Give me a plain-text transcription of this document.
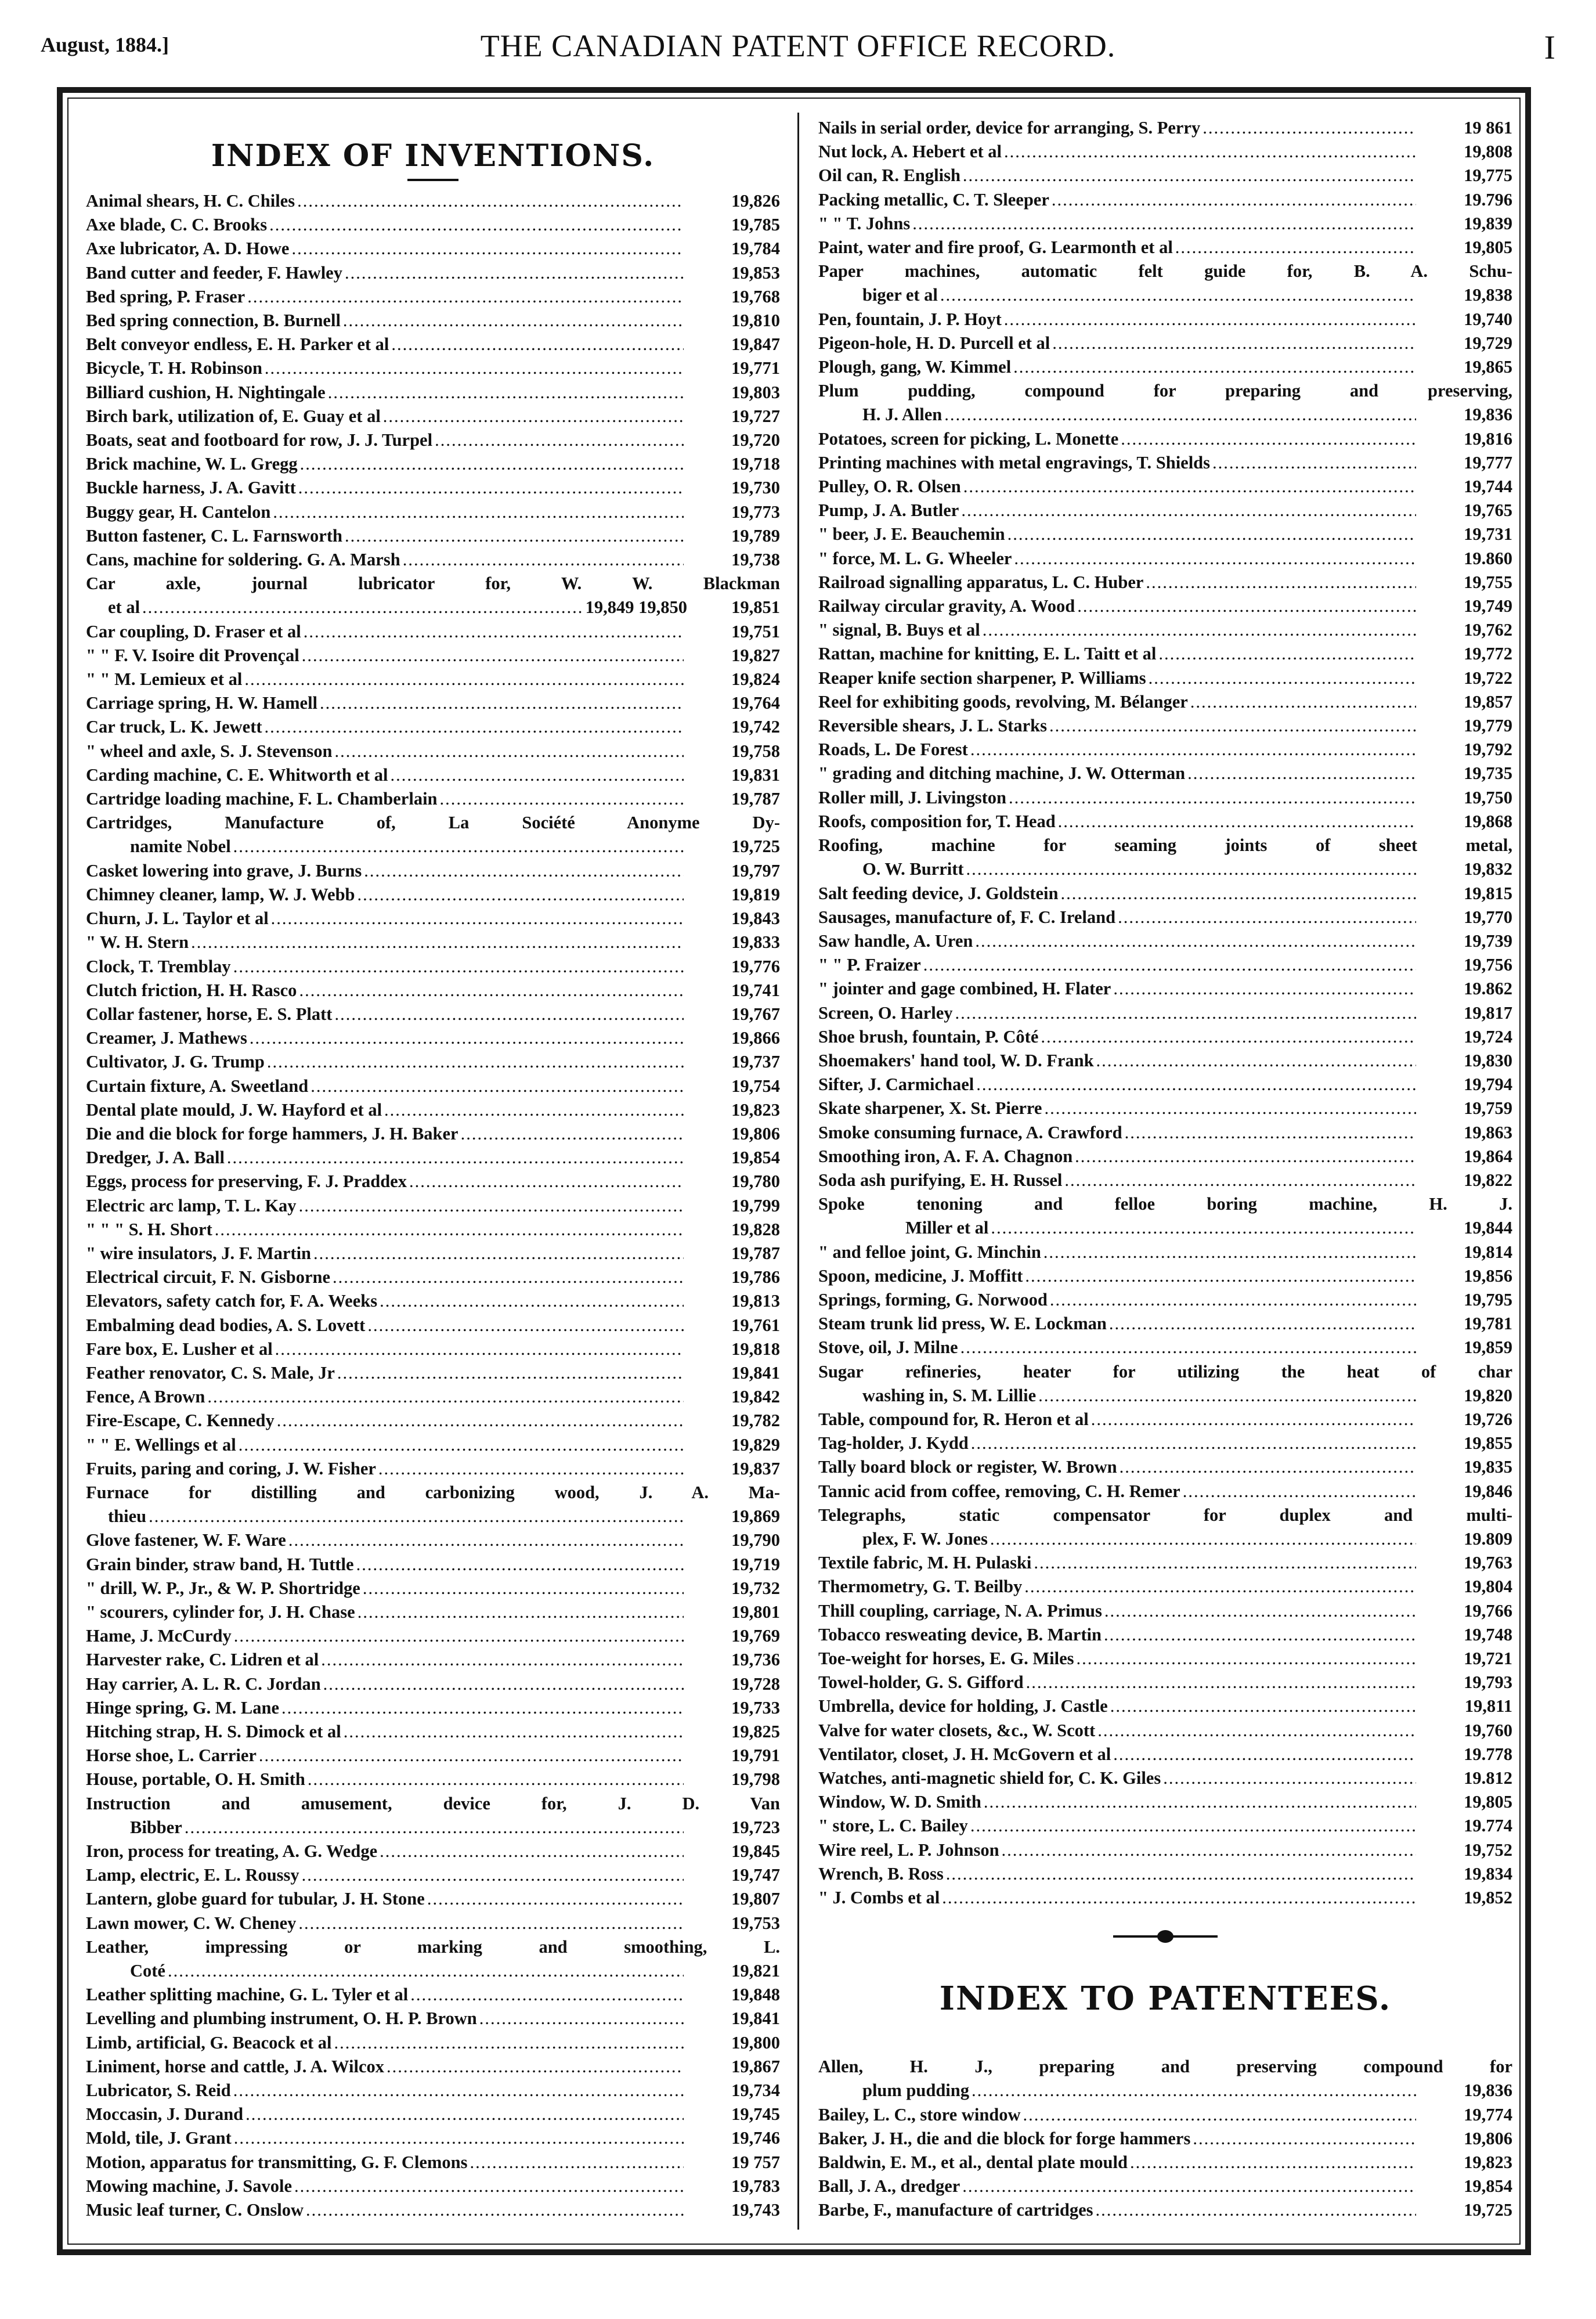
August, 1884.]	THE CANADIAN PATENT OFFICE RECORD.	I
INDEX OF INVENTIONS.
Animal shears, H. C. Chiles .....	19,826
Axe blade, C. C. Brooks .....	19,785
Axe lubricator, A. D. Howe .....	19,784
Band cutter and feeder, F. Hawley .....	19,853
Bed spring, P. Fraser .....	19,768
Bed spring connection, B. Burnell .....	19,810
Belt conveyor endless, E. H. Parker et al .....	19,847
Bicycle, T. H. Robinson .....	19,771
Billiard cushion, H. Nightingale .....	19,803
Birch bark, utilization of, E. Guay et al .....	19,727
Boats, seat and footboard for row, J. J. Turpel .....	19,720
Brick machine, W. L. Gregg .....	19,718
Buckle harness, J. A. Gavitt .....	19,730
Buggy gear, H. Cantelon .....	19,773
Button fastener, C. L. Farnsworth .....	19,789
Cans, machine for soldering. G. A. Marsh .....	19,738
Car axle, journal lubricator for, W. W. Blackman
et al .....	19,849 19,850	19,851
Car coupling, D. Fraser et al .....	19,751
" " F. V. Isoire dit Provençal .....	19,827
" " M. Lemieux et al .....	19,824
Carriage spring, H. W. Hamell .....	19,764
Car truck, L. K. Jewett .....	19,742
" wheel and axle, S. J. Stevenson .....	19,758
Carding machine, C. E. Whitworth et al .....	19,831
Cartridge loading machine, F. L. Chamberlain .....	19,787
Cartridges, Manufacture of, La Société Anonyme Dy-
namite Nobel .....	19,725
Casket lowering into grave, J. Burns .....	19,797
Chimney cleaner, lamp, W. J. Webb .....	19,819
Churn, J. L. Taylor et al .....	19,843
" W. H. Stern .....	19,833
Clock, T. Tremblay .....	19,776
Clutch friction, H. H. Rasco .....	19,741
Collar fastener, horse, E. S. Platt .....	19,767
Creamer, J. Mathews .....	19,866
Cultivator, J. G. Trump .....	19,737
Curtain fixture, A. Sweetland .....	19,754
Dental plate mould, J. W. Hayford et al .....	19,823
Die and die block for forge hammers, J. H. Baker .....	19,806
Dredger, J. A. Ball .....	19,854
Eggs, process for preserving, F. J. Praddex .....	19,780
Electric arc lamp, T. L. Kay .....	19,799
" " " S. H. Short .....	19,828
" wire insulators, J. F. Martin .....	19,787
Electrical circuit, F. N. Gisborne .....	19,786
Elevators, safety catch for, F. A. Weeks .....	19,813
Embalming dead bodies, A. S. Lovett .....	19,761
Fare box, E. Lusher et al .....	19,818
Feather renovator, C. S. Male, Jr .....	19,841
Fence, A Brown .....	19,842
Fire-Escape, C. Kennedy .....	19,782
" " E. Wellings et al .....	19,829
Fruits, paring and coring, J. W. Fisher .....	19,837
Furnace for distilling and carbonizing wood, J. A. Ma-
thieu .....	19,869
Glove fastener, W. F. Ware .....	19,790
Grain binder, straw band, H. Tuttle .....	19,719
" drill, W. P., Jr., & W. P. Shortridge .....	19,732
" scourers, cylinder for, J. H. Chase .....	19,801
Hame, J. McCurdy .....	19,769
Harvester rake, C. Lidren et al .....	19,736
Hay carrier, A. L. R. C. Jordan .....	19,728
Hinge spring, G. M. Lane .....	19,733
Hitching strap, H. S. Dimock et al .....	19,825
Horse shoe, L. Carrier .....	19,791
House, portable, O. H. Smith .....	19,798
Instruction and amusement, device for, J. D. Van
Bibber .....	19,723
Iron, process for treating, A. G. Wedge .....	19,845
Lamp, electric, E. L. Roussy .....	19,747
Lantern, globe guard for tubular, J. H. Stone .....	19,807
Lawn mower, C. W. Cheney .....	19,753
Leather, impressing or marking and smoothing, L.
Coté .....	19,821
Leather splitting machine, G. L. Tyler et al .....	19,848
Levelling and plumbing instrument, O. H. P. Brown .....	19,841
Limb, artificial, G. Beacock et al .....	19,800
Liniment, horse and cattle, J. A. Wilcox .....	19,867
Lubricator, S. Reid .....	19,734
Moccasin, J. Durand .....	19,745
Mold, tile, J. Grant .....	19,746
Motion, apparatus for transmitting, G. F. Clemons .....	19 757
Mowing machine, J. Savole .....	19,783
Music leaf turner, C. Onslow .....	19,743
Nails in serial order, device for arranging, S. Perry .....	19 861
Nut lock, A. Hebert et al .....	19,808
Oil can, R. English .....	19,775
Packing metallic, C. T. Sleeper .....	19.796
" " T. Johns .....	19,839
Paint, water and fire proof, G. Learmonth et al .....	19,805
Paper machines, automatic felt guide for, B. A. Schu-
biger et al .....	19,838
Pen, fountain, J. P. Hoyt .....	19,740
Pigeon-hole, H. D. Purcell et al .....	19,729
Plough, gang, W. Kimmel .....	19,865
Plum pudding, compound for preparing and preserving,
H. J. Allen .....	19,836
Potatoes, screen for picking, L. Monette .....	19,816
Printing machines with metal engravings, T. Shields .....	19,777
Pulley, O. R. Olsen .....	19,744
Pump, J. A. Butler .....	19,765
" beer, J. E. Beauchemin .....	19,731
" force, M. L. G. Wheeler .....	19.860
Railroad signalling apparatus, L. C. Huber .....	19,755
Railway circular gravity, A. Wood .....	19,749
" signal, B. Buys et al .....	19,762
Rattan, machine for knitting, E. L. Taitt et al .....	19,772
Reaper knife section sharpener, P. Williams .....	19,722
Reel for exhibiting goods, revolving, M. Bélanger .....	19,857
Reversible shears, J. L. Starks .....	19,779
Roads, L. De Forest .....	19,792
" grading and ditching machine, J. W. Otterman .....	19,735
Roller mill, J. Livingston .....	19,750
Roofs, composition for, T. Head .....	19,868
Roofing, machine for seaming joints of sheet metal,
O. W. Burritt .....	19,832
Salt feeding device, J. Goldstein .....	19,815
Sausages, manufacture of, F. C. Ireland .....	19,770
Saw handle, A. Uren .....	19,739
" " P. Fraizer .....	19,756
" jointer and gage combined, H. Flater .....	19.862
Screen, O. Harley .....	19,817
Shoe brush, fountain, P. Côté .....	19,724
Shoemakers' hand tool, W. D. Frank .....	19,830
Sifter, J. Carmichael .....	19,794
Skate sharpener, X. St. Pierre .....	19,759
Smoke consuming furnace, A. Crawford .....	19,863
Smoothing iron, A. F. A. Chagnon .....	19,864
Soda ash purifying, E. H. Russel .....	19,822
Spoke tenoning and felloe boring machine, H. J.
Miller et al .....	19,844
" and felloe joint, G. Minchin .....	19,814
Spoon, medicine, J. Moffitt .....	19,856
Springs, forming, G. Norwood .....	19,795
Steam trunk lid press, W. E. Lockman .....	19,781
Stove, oil, J. Milne .....	19,859
Sugar refineries, heater for utilizing the heat of char
washing in, S. M. Lillie .....	19,820
Table, compound for, R. Heron et al .....	19,726
Tag-holder, J. Kydd .....	19,855
Tally board block or register, W. Brown .....	19,835
Tannic acid from coffee, removing, C. H. Remer .....	19,846
Telegraphs, static compensator for duplex and multi-
plex, F. W. Jones .....	19.809
Textile fabric, M. H. Pulaski .....	19,763
Thermometry, G. T. Beilby .....	19,804
Thill coupling, carriage, N. A. Primus .....	19,766
Tobacco resweating device, B. Martin .....	19,748
Toe-weight for horses, E. G. Miles .....	19,721
Towel-holder, G. S. Gifford .....	19,793
Umbrella, device for holding, J. Castle .....	19,811
Valve for water closets, &c., W. Scott .....	19,760
Ventilator, closet, J. H. McGovern et al .....	19.778
Watches, anti-magnetic shield for, C. K. Giles .....	19.812
Window, W. D. Smith .....	19,805
" store, L. C. Bailey .....	19.774
Wire reel, L. P. Johnson .....	19,752
Wrench, B. Ross .....	19,834
" J. Combs et al .....	19,852
INDEX TO PATENTEES.
Allen, H. J., preparing and preserving compound for
plum pudding .....	19,836
Bailey, L. C., store window .....	19,774
Baker, J. H., die and die block for forge hammers .....	19,806
Baldwin, E. M., et al., dental plate mould .....	19,823
Ball, J. A., dredger .....	19,854
Barbe, F., manufacture of cartridges .....	19,725
